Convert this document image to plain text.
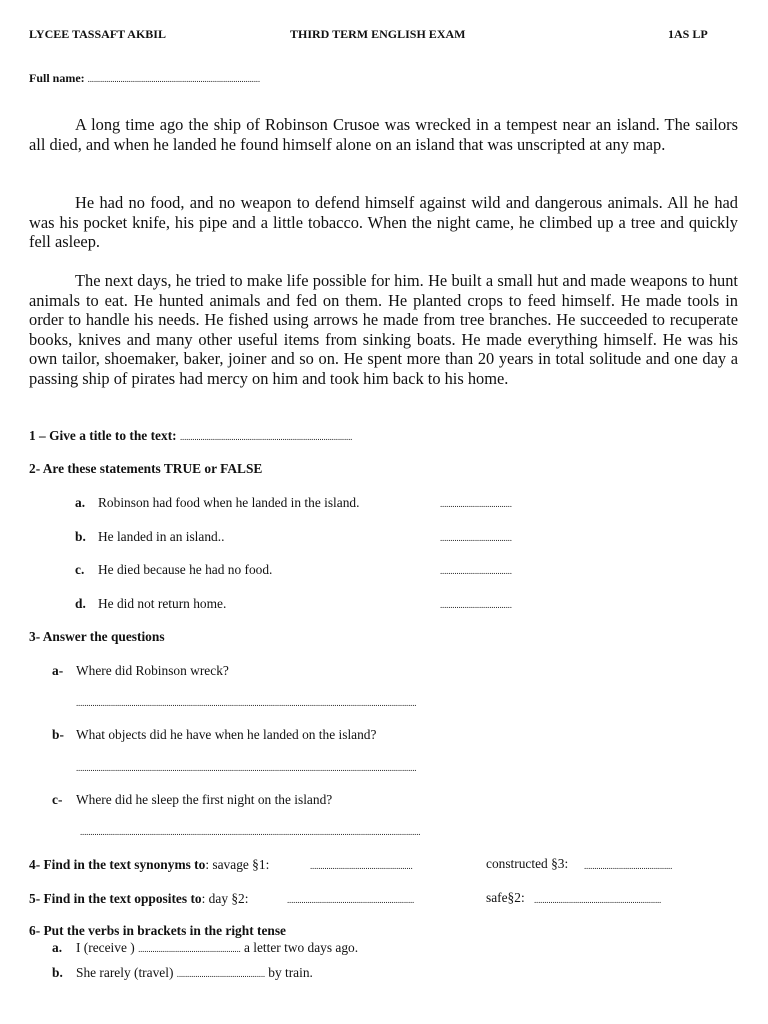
LYCEE TASSAFT AKBIL	THIRD TERM ENGLISH EXAM	1AS LP
Full name: ....................................................................................

A long time ago the ship of Robinson Crusoe was wrecked in a tempest near an island. The sailors all died, and when he landed he found himself alone on an island that was unscripted at any map.

He had no food, and no weapon to defend himself against wild and dangerous animals. All he had was his pocket knife, his pipe and a little tobacco. When the night came, he climbed up a tree and quickly fell asleep.

The next days, he tried to make life possible for him. He built a small hut and made weapons to hunt animals to eat. He hunted animals and fed on them. He planted crops to feed himself. He made tools in order to handle his needs. He fished using arrows he made from tree branches. He succeeded to recuperate books, knives and many other useful items from sinking boats. He made everything himself. He was his own tailor, shoemaker, baker, joiner and so on. He spent more than 20 years in total solitude and one day a passing ship of pirates had mercy on him and took him back to his home.

1 – Give a title to the text: ....................................................................................
2- Are these statements TRUE or FALSE
a. Robinson had food when he landed in the island.	...................................
b. He landed in an island..	...................................
c. He died because he had no food.	...................................
d. He did not return home.	...................................
3- Answer the questions
a- Where did Robinson wreck?
......................................................................................................................................................................
b- What objects did he have when he landed on the island?
......................................................................................................................................................................
c- Where did he sleep the first night on the island?
......................................................................................................................................................................
4- Find in the text synonyms to: savage §1:	..................................................	constructed §3: ...........................................
5- Find in the text opposites to: day §2:	..............................................................	safe§2: ..............................................................
6- Put the verbs in brackets in the right tense
a. I (receive ) .................................................. a letter two days ago.
b. She rarely (travel) ........................................... by train.
